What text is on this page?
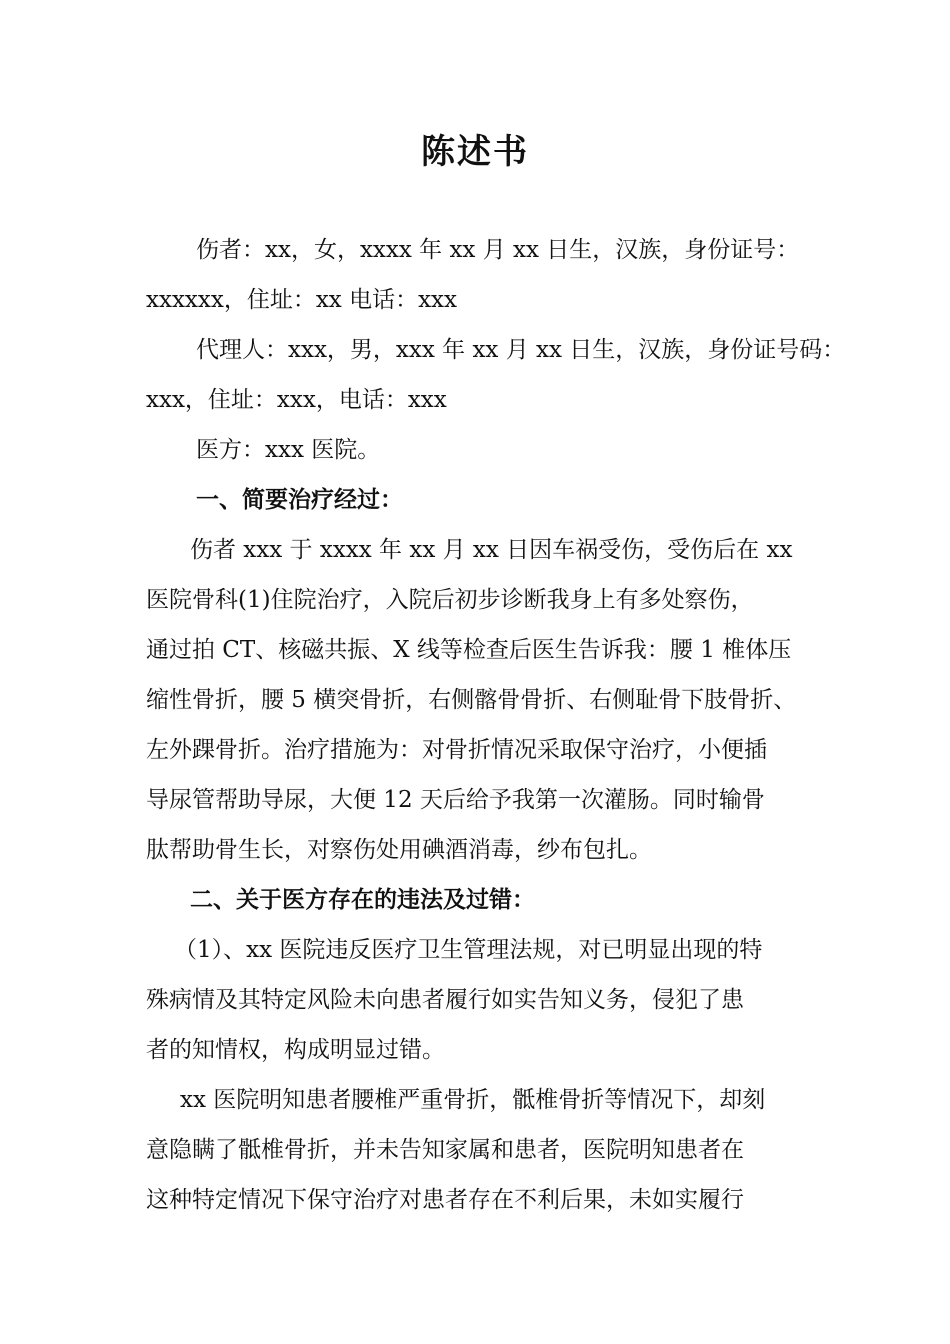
陈述书
伤者：xx，女，xxxx 年 xx 月 xx 日生，汉族，身份证号：
xxxxxx，住址：xx 电话：xxx
代理人：xxx，男，xxx 年 xx 月 xx 日生，汉族，身份证号码：
xxx，住址：xxx，电话：xxx
医方：xxx 医院。
一、简要治疗经过：
伤者 xxx 于 xxxx 年 xx 月 xx 日因车祸受伤，受伤后在 xx
医院骨科(1)住院治疗，入院后初步诊断我身上有多处察伤，
通过拍 CT、核磁共振、X 线等检查后医生告诉我：腰 1 椎体压
缩性骨折，腰 5 横突骨折，右侧髂骨骨折、右侧耻骨下肢骨折、
左外踝骨折。治疗措施为：对骨折情况采取保守治疗，小便插
导尿管帮助导尿，大便 12 天后给予我第一次灌肠。同时输骨
肽帮助骨生长，对察伤处用碘酒消毒，纱布包扎。
二、关于医方存在的违法及过错：
（1）、xx 医院违反医疗卫生管理法规，对已明显出现的特
殊病情及其特定风险未向患者履行如实告知义务，侵犯了患
者的知情权，构成明显过错。
xx 医院明知患者腰椎严重骨折，骶椎骨折等情况下，却刻
意隐瞒了骶椎骨折，并未告知家属和患者，医院明知患者在
这种特定情况下保守治疗对患者存在不利后果，未如实履行
